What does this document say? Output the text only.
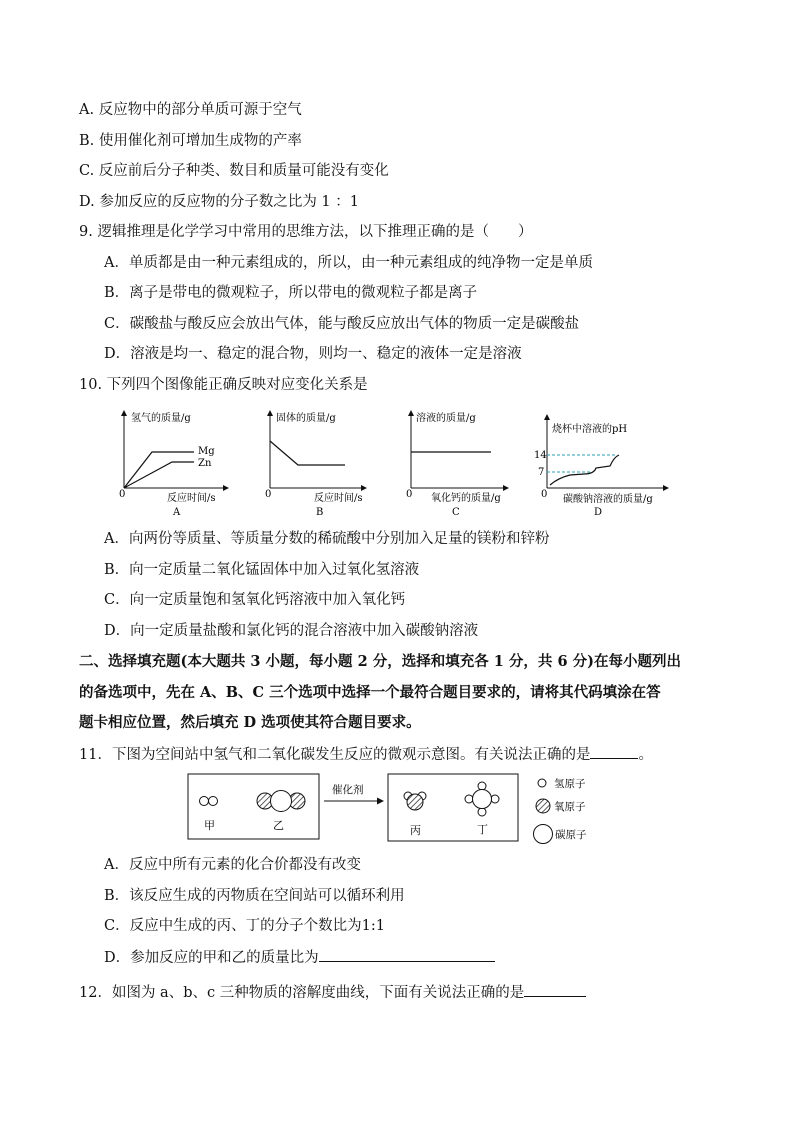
A. 反应物中的部分单质可源于空气
B. 使用催化剂可增加生成物的产率
C. 反应前后分子种类、数目和质量可能没有变化
D. 参加反应的反应物的分子数之比为 1 ：1
9. 逻辑推理是化学学习中常用的思维方法，以下推理正确的是（　　）
A．单质都是由一种元素组成的，所以，由一种元素组成的纯净物一定是单质
B．离子是带电的微观粒子，所以带电的微观粒子都是离子
C．碳酸盐与酸反应会放出气体，能与酸反应放出气体的物质一定是碳酸盐
D．溶液是均一、稳定的混合物，则均一、稳定的液体一定是溶液
10. 下列四个图像能正确反映对应变化关系是
氢气的质量/g
0	反应时间/s
A
Mg
Zn
固体的质量/g
0	反应时间/s
B
溶液的质量/g
0 氧化钙的质量/g
C
烧杯中溶液的pH
0 碳酸钠溶液的质量/g
D
14
7
A．向两份等质量、等质量分数的稀硫酸中分别加入足量的镁粉和锌粉
B．向一定质量二氧化锰固体中加入过氧化氢溶液
C．向一定质量饱和氢氧化钙溶液中加入氧化钙
D．向一定质量盐酸和氯化钙的混合溶液中加入碳酸钠溶液
二、选择填充题(本大题共 3 小题，每小题 2 分，选择和填充各 1 分，共 6 分)在每小题列出
的备选项中，先在 A、B、C 三个选项中选择一个最符合题目要求的，请将其代码填涂在答
题卡相应位置，然后填充 D 选项使其符合题目要求。
11．下图为空间站中氢气和二氧化碳发生反应的微观示意图。有关说法正确的是	。
甲	乙
催化剂
丙	丁
氢原子
氧原子
碳原子
A．反应中所有元素的化合价都没有改变
B．该反应生成的丙物质在空间站可以循环利用
C．反应中生成的丙、丁的分子个数比为1:1
D．参加反应的甲和乙的质量比为
12．如图为 a、b、c 三种物质的溶解度曲线，下面有关说法正确的是
